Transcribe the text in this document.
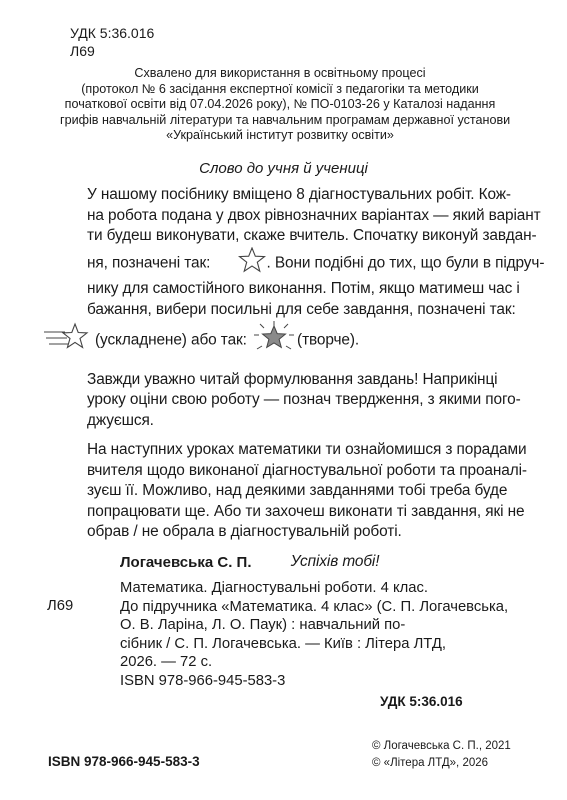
УДК 5:36.016
Л69
Схвалено для використання в освітньому процесі
(протокол № 6 засідання експертної комісії з педагогіки та методики
початкової освіти від 07.04.2026 року), № ПО-0103-26 у Каталозі надання
грифів навчальній літератури та навчальним програмам державної установи
«Український інститут розвитку освіти»
Слово до учня й учениці

У нашому посібнику вміщено 8 діагностувальних робіт. Кож-
на робота подана у двох рівнозначних варіантах — який варіант
ти будеш виконувати, скаже вчитель. Спочатку виконуй завдан-
ня, позначені так:	. Вони подібні до тих, що були в підруч-
нику для самостійного виконання. Потім, якщо матимеш час і
бажання, вибери посильні для себе завдання, позначені так:
(ускладнене) або так:	(творче).

Завжди уважно читай формулювання завдань! Наприкінці
уроку оціни свою роботу — познач твердження, з якими пого-
джуєшся.

На наступних уроках математики ти ознайомишся з порадами
вчителя щодо виконаної діагностувальної роботи та проаналі-
зуєш її. Можливо, над деякими завданнями тобі треба буде
попрацювати ще. Або ти захочеш виконати ті завдання, які не
обрав / не обрала в діагностувальній роботі.

Успіхів тобі!
Логачевська С. П.
Л69
Математика. Діагностувальні роботи. 4 клас.
До підручника «Математика. 4 клас» (С. П. Логачевська,
О. В. Ларіна, Л. О. Паук) : навчальний по-
сібник / С. П. Логачевська. — Київ : Літера ЛТД,
2026. — 72 с.
ISBN 978-966-945-583-3
УДК 5:36.016
ISBN 978-966-945-583-3
© Логачевська С. П., 2021
© «Літера ЛТД», 2026
